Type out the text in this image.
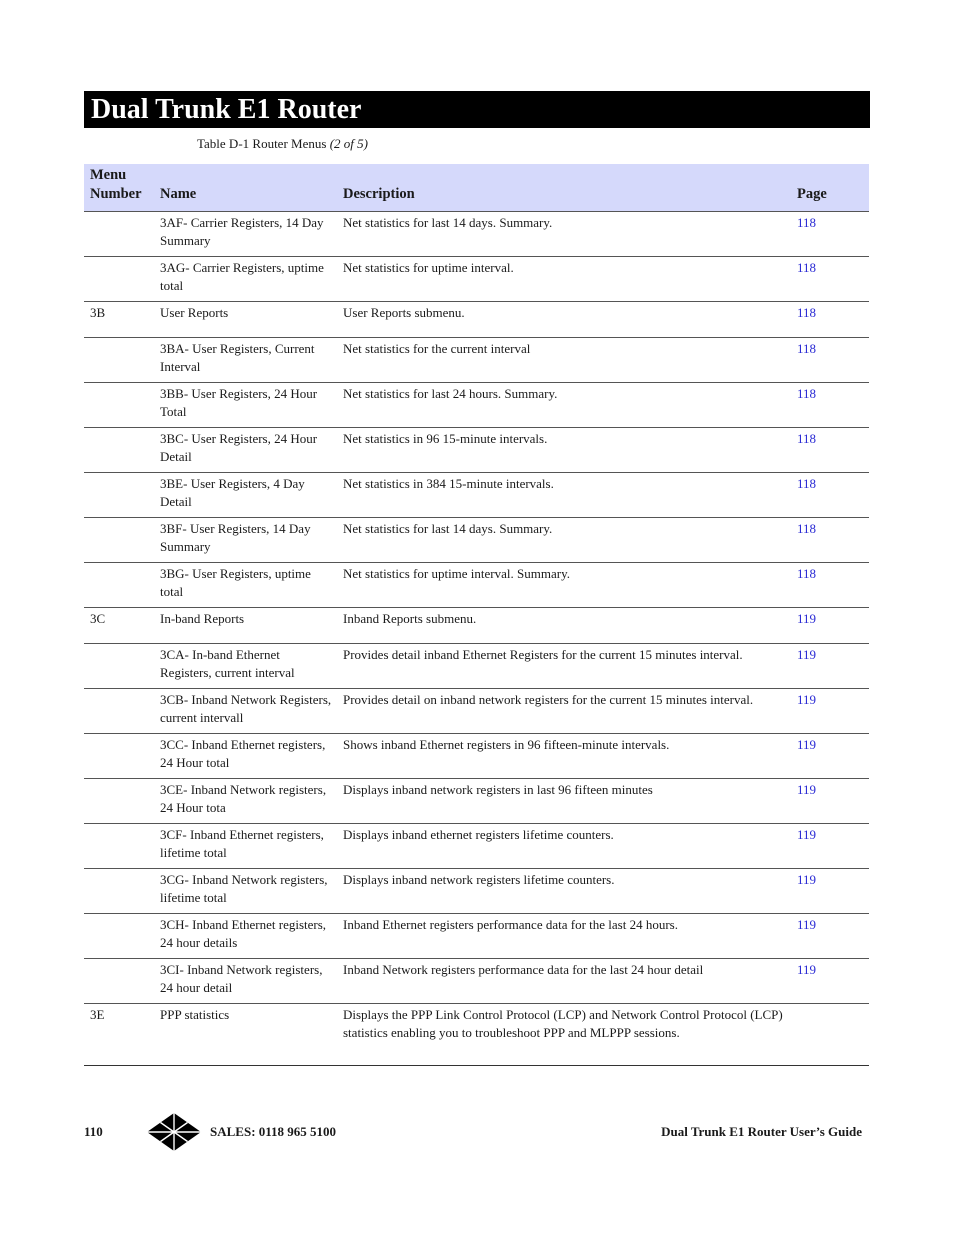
Dual Trunk E1 Router
Table D-1 Router Menus (2 of 5)
Menu Number	Name	Description	Page
	3AF- Carrier Registers, 14 Day Summary	Net statistics for last 14 days. Summary.	118
	3AG- Carrier Registers, uptime total	Net statistics for uptime interval.	118
3B	User Reports	User Reports submenu.	118
	3BA- User Registers, Current Interval	Net statistics for the current interval	118
	3BB- User Registers, 24 Hour Total	Net statistics for last 24 hours. Summary.	118
	3BC- User Registers, 24 Hour Detail	Net statistics in 96 15-minute intervals.	118
	3BE- User Registers, 4 Day Detail	Net statistics in 384 15-minute intervals.	118
	3BF- User Registers, 14 Day Summary	Net statistics for last 14 days. Summary.	118
	3BG- User Registers, uptime total	Net statistics for uptime interval. Summary.	118
3C	In-band Reports	Inband Reports submenu.	119
	3CA- In-band Ethernet Registers, current interval	Provides detail inband Ethernet Registers for the current 15 minutes interval.	119
	3CB- Inband Network Registers, current intervall	Provides detail on inband network registers for the current 15 minutes interval.	119
	3CC- Inband Ethernet registers, 24 Hour total	Shows inband Ethernet registers in 96 fifteen-minute intervals.	119
	3CE- Inband Network registers, 24 Hour tota	Displays inband network registers in last 96 fifteen minutes	119
	3CF- Inband Ethernet registers, lifetime total	Displays inband ethernet registers lifetime counters.	119
	3CG- Inband Network registers, lifetime total	Displays inband network registers lifetime counters.	119
	3CH- Inband Ethernet registers, 24 hour details	Inband Ethernet registers performance data for the last 24 hours.	119
	3CI- Inband Network registers, 24 hour detail	Inband Network registers performance data for the last 24 hour detail	119
3E	PPP statistics	Displays the PPP Link Control Protocol (LCP) and Network Control Protocol (LCP) statistics enabling you to troubleshoot PPP and MLPPP sessions.	
110	SALES: 0118 965 5100	Dual Trunk E1 Router User’s Guide
